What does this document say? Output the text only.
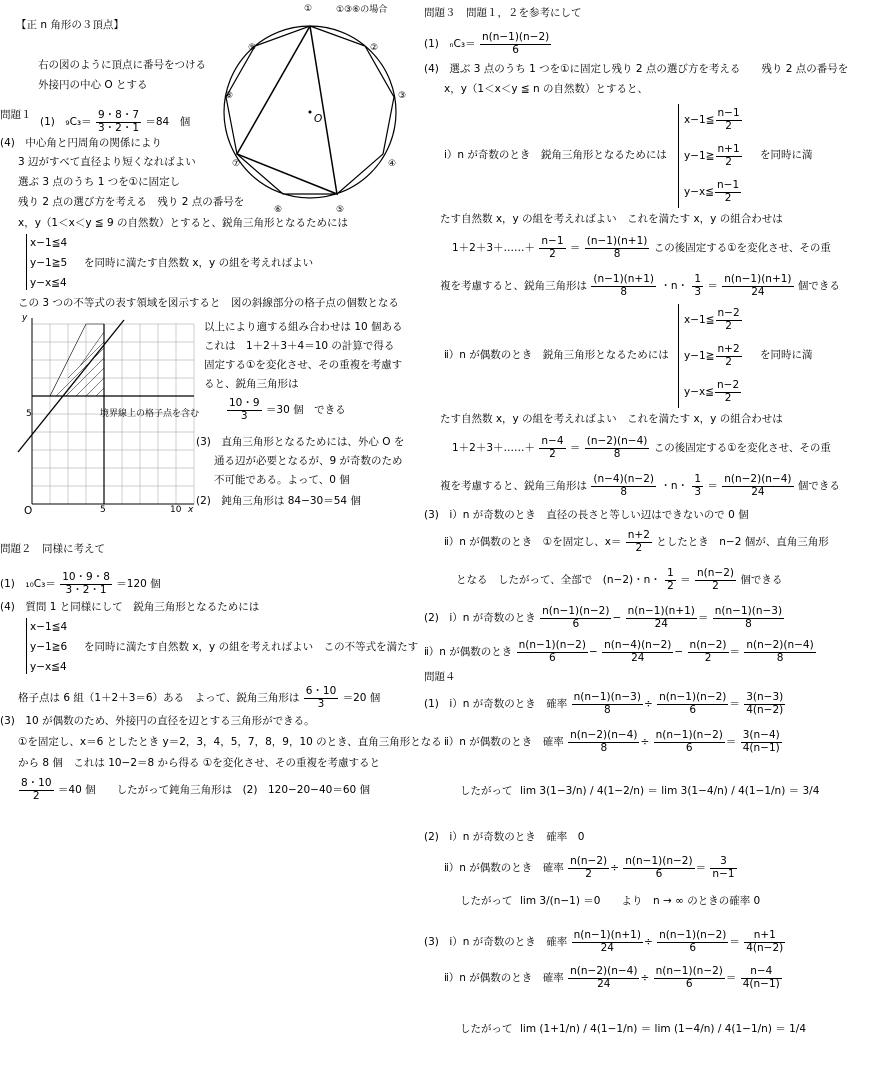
【正 n 角形の３頂点】
右の図のように頂点に番号をつける
外接円の中心 O とする
①③⑥の場合
①
②
③
④
⑤
⑥
⑦
⑧
⑨
O
問題１
(1)　$_9C_3= \frac{9・8・7}{3・2・1} =84$　個
(4)　中心角と円周角の関係により
3 辺がすべて直径より短くなればよい
選ぶ 3 点のうち 1 つを①に固定し
残り 2 点の選び方を考える　残り 2 点の番号を
x，y（1＜x＜y ≦ 9 の自然数）とすると、鋭角三角形となるためには
x−1≦4
y−1≧5
y−x≦4
を同時に満たす自然数 x，y の組を考えればよい
この 3 つの不等式の表す領域を図示すると　図の斜線部分の格子点の個数となる
y
x
O	5	10
5	境界線上の格子点を含む
以上により適する組み合わせは 10 個ある
これは　1＋2＋3＋4＝10 の計算で得る
固定する①を変化させ、その重複を考慮す
ると、鋭角三角形は
$\frac{10・9}{3} =30$ 個　できる
(3)　直角三角形となるためには、外心 O を
通る辺が必要となるが、9 が奇数のため
不可能である。よって、0 個
(2)　鈍角三角形は 84−30＝54 個
問題２　同様に考えて
(1)　$_{10}C_3= \frac{10・9・8}{3・2・1} =120$ 個
(4)　質問 1 と同様にして　鋭角三角形となるためには
x−1≦4
y−1≧6
y−x≦4
を同時に満たす自然数 x，y の組を考えればよい　この不等式を満たす
格子点は 6 組（1＋2＋3＝6）ある　よって、鋭角三角形は $\frac{6・10}{3} =20$ 個
(3)　10 が偶数のため、外接円の直径を辺とする三角形ができる。
①を固定し、x＝6 としたとき y＝2，3，4，5，7，8，9，10 のとき、直角三角形となる
から 8 個　これは 10−2＝8 から得る ①を変化させ、その重複を考慮すると
$\frac{8・10}{2} =40$ 個　　したがって鈍角三角形は　(2)　120−20−40＝60 個
問題３　問題１，２を参考にして
(1)　$_nC_3= \frac{n(n-1)(n-2)}{6}$
(4)　選ぶ 3 点のうち 1 つを①に固定し残り 2 点の選び方を考える　　残り 2 点の番号を
x，y（1＜x＜y ≦ n の自然数）とすると、
ⅰ）n が奇数のとき　鋭角三角形となるためには
x−1≦ $\frac{n-1}{2}$
y−1≧ $\frac{n+1}{2}$
y−x≦ $\frac{n-1}{2}$
を同時に満
たす自然数 x，y の組を考えればよい　これを満たす x，y の組合わせは
1＋2＋3＋……＋ $\frac{n-1}{2} = \frac{(n-1)(n+1)}{8}$ この後固定する①を変化させ、その重
複を考慮すると、鋭角三角形は $\frac{(n-1)(n+1)}{8}$ ・n・ $\frac{1}{3} = \frac{n(n-1)(n+1)}{24}$ 個できる
ⅱ）n が偶数のとき　鋭角三角形となるためには
x−1≦ $\frac{n-2}{2}$
y−1≧ $\frac{n+2}{2}$
y−x≦ $\frac{n-2}{2}$
を同時に満
たす自然数 x，y の組を考えればよい　これを満たす x，y の組合わせは
1＋2＋3＋……＋ $\frac{n-4}{2} = \frac{(n-2)(n-4)}{8}$ この後固定する①を変化させ、その重
複を考慮すると、鋭角三角形は $\frac{(n-4)(n-2)}{8}$ ・n・ $\frac{1}{3} = \frac{n(n-2)(n-4)}{24}$ 個できる
(3)　ⅰ）n が奇数のとき　直径の長さと等しい辺はできないので 0 個
ⅱ）n が偶数のとき　①を固定し、$x= \frac{n+2}{2}$ としたとき　n−2 個が、直角三角形
となる　したがって、全部で　(n−2)・n・ $\frac{1}{2} = \frac{n(n-2)}{2}$ 個できる
(2)　ⅰ）n が奇数のとき $\frac{n(n-1)(n-2)}{6} - \frac{n(n-1)(n+1)}{24} = \frac{n(n-1)(n-3)}{8}$
ⅱ）n が偶数のとき $\frac{n(n-1)(n-2)}{6} - \frac{n(n-4)(n-2)}{24} - \frac{n(n-2)}{2} = \frac{n(n-2)(n-4)}{8}$
問題４
(1)　ⅰ）n が奇数のとき　確率 $\frac{n(n-1)(n-3)}{8} \div \frac{n(n-1)(n-2)}{6} = \frac{3(n-3)}{4(n-2)}$
ⅱ）n が偶数のとき　確率 $\frac{n(n-2)(n-4)}{8} \div \frac{n(n-1)(n-2)}{6} = \frac{3(n-4)}{4(n-1)}$
したがって lim 3(1−3/n) / 4(1−2/n) ＝ lim 3(1−4/n) / 4(1−1/n) ＝ 3/4
(2)　ⅰ）n が奇数のとき　確率　0
ⅱ）n が偶数のとき　確率 $\frac{n(n-2)}{2} \div \frac{n(n-1)(n-2)}{6} = \frac{3}{n-1}$
したがって lim 3/(n−1) ＝0　　より　n → ∞ のときの確率 0
(3)　ⅰ）n が奇数のとき　確率 $\frac{n(n-1)(n+1)}{24} \div \frac{n(n-1)(n-2)}{6} = \frac{n+1}{4(n-2)}$
ⅱ）n が偶数のとき　確率 $\frac{n(n-2)(n-4)}{24} \div \frac{n(n-1)(n-2)}{6} = \frac{n-4}{4(n-1)}$
したがって lim (1+1/n) / 4(1−1/n) ＝ lim (1−4/n) / 4(1−1/n) ＝ 1/4
